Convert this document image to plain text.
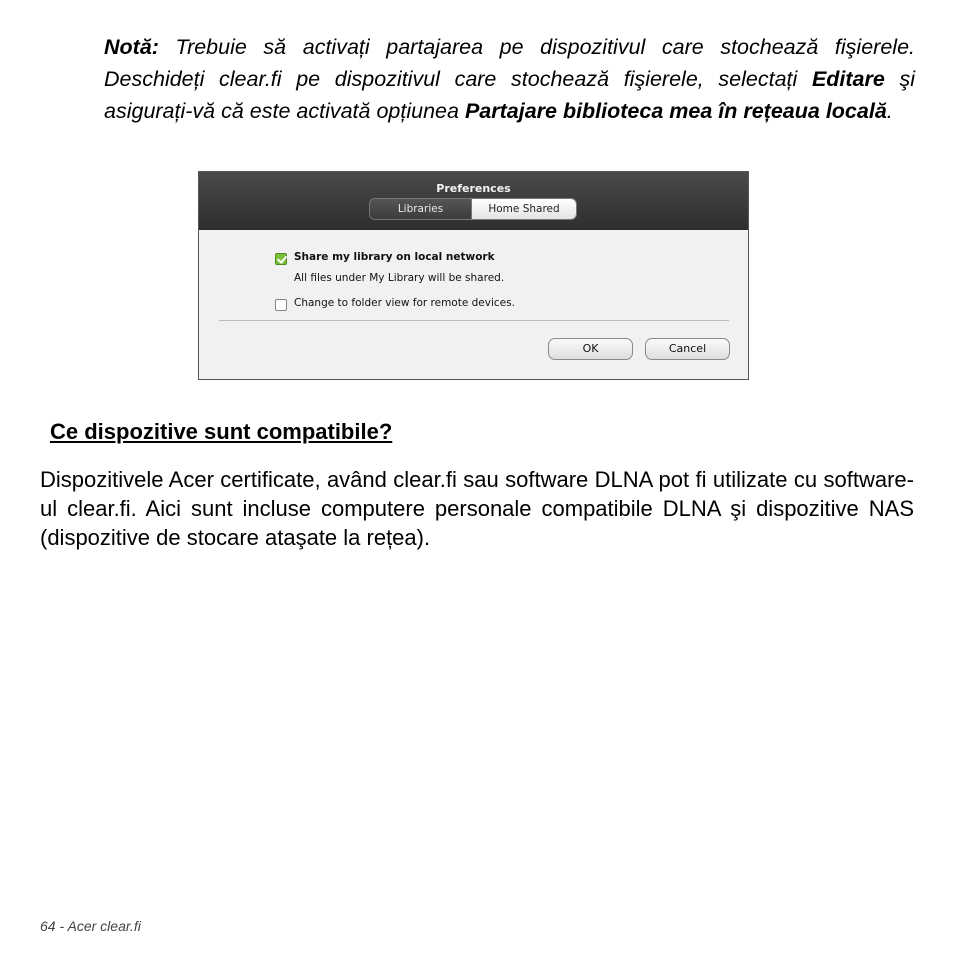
Notă: Trebuie să activați partajarea pe dispozitivul care stochează fişierele. Deschideți clear.fi pe dispozitivul care stochează fişierele, selectați Editare şi asigurați-vă că este activată opțiunea Partajare biblioteca mea în rețeaua locală.

Preferences
Libraries	Home Shared
Share my library on local network
All files under My Library will be shared.
Change to folder view for remote devices.
OK	Cancel
Ce dispozitive sunt compatibile?

Dispozitivele Acer certificate, având clear.fi sau software DLNA pot fi utilizate cu software-ul clear.fi. Aici sunt incluse computere personale compatibile DLNA şi dispozitive NAS (dispozitive de stocare ataşate la rețea).

64 - Acer clear.fi
